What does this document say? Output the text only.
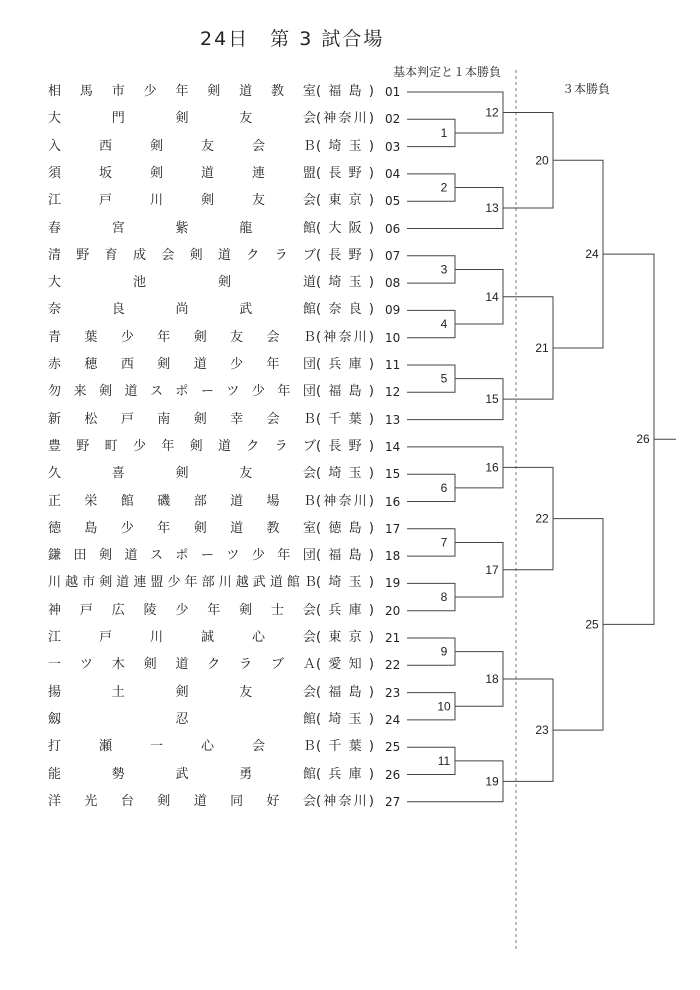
24日　第 3 試合場
基本判定と１本勝負
３本勝負
相 馬 市 少 年 剣 道 教 室 ( 福 島 ) 01
大	門	剣	友	会 ( 神 奈 川 ) 02
入	西	剣	友	会	Ｂ ( 埼 玉 ) 03
須	坂	剣	道	連	盟 ( 長 野 ) 04
江	戸	川	剣	友	会 ( 東 京 ) 05
春	宮	紫	龍	館 ( 大 阪 ) 06
清 野 育 成 会 剣 道 ク ラ ブ ( 長 野 ) 07
大	池	剣	道 ( 埼 玉 ) 08
奈	良	尚	武	館 ( 奈 良 ) 09
青 葉 少 年 剣 友 会 Ｂ ( 神 奈 川 ) 10
赤 穂 西 剣 道 少 年 団 ( 兵 庫 ) 11
勿 来 剣 道 ス ポ ー ツ 少 年 団 ( 福 島 ) 12
新 松 戸 南 剣 幸 会 Ｂ ( 千 葉 ) 13
豊 野 町 少 年 剣 道 ク ラ ブ ( 長 野 ) 14
久	喜	剣	友	会 ( 埼 玉 ) 15
正 栄 館 磯 部 道 場 Ｂ ( 神 奈 川 ) 16
徳 島 少 年 剣 道 教 室 ( 徳 島 ) 17
鎌 田 剣 道 ス ポ ー ツ 少 年 団 ( 福 島 ) 18
川 越 市 剣 道 連 盟 少 年 部 川 越 武 道 館 Ｂ ( 埼 玉 ) 19
神 戸 広 陵 少 年 剣 士 会 ( 兵 庫 ) 20
江	戸	川	誠	心	会 ( 東 京 ) 21
一 ツ 木 剣 道 ク ラ ブ Ａ ( 愛 知 ) 22
揚	土	剣	友	会 ( 福 島 ) 23
劔	忍	館 ( 埼 玉 ) 24
打	瀬	一	心	会	Ｂ ( 千 葉 ) 25
能	勢	武	勇	館 ( 兵 庫 ) 26
洋 光 台 剣 道 同 好 会 ( 神 奈 川 ) 27
1
2
3
4
5
6
7
8
9
10
11
12
13
14
15
16
17
18
19
20
21
22
23
24
25
26
